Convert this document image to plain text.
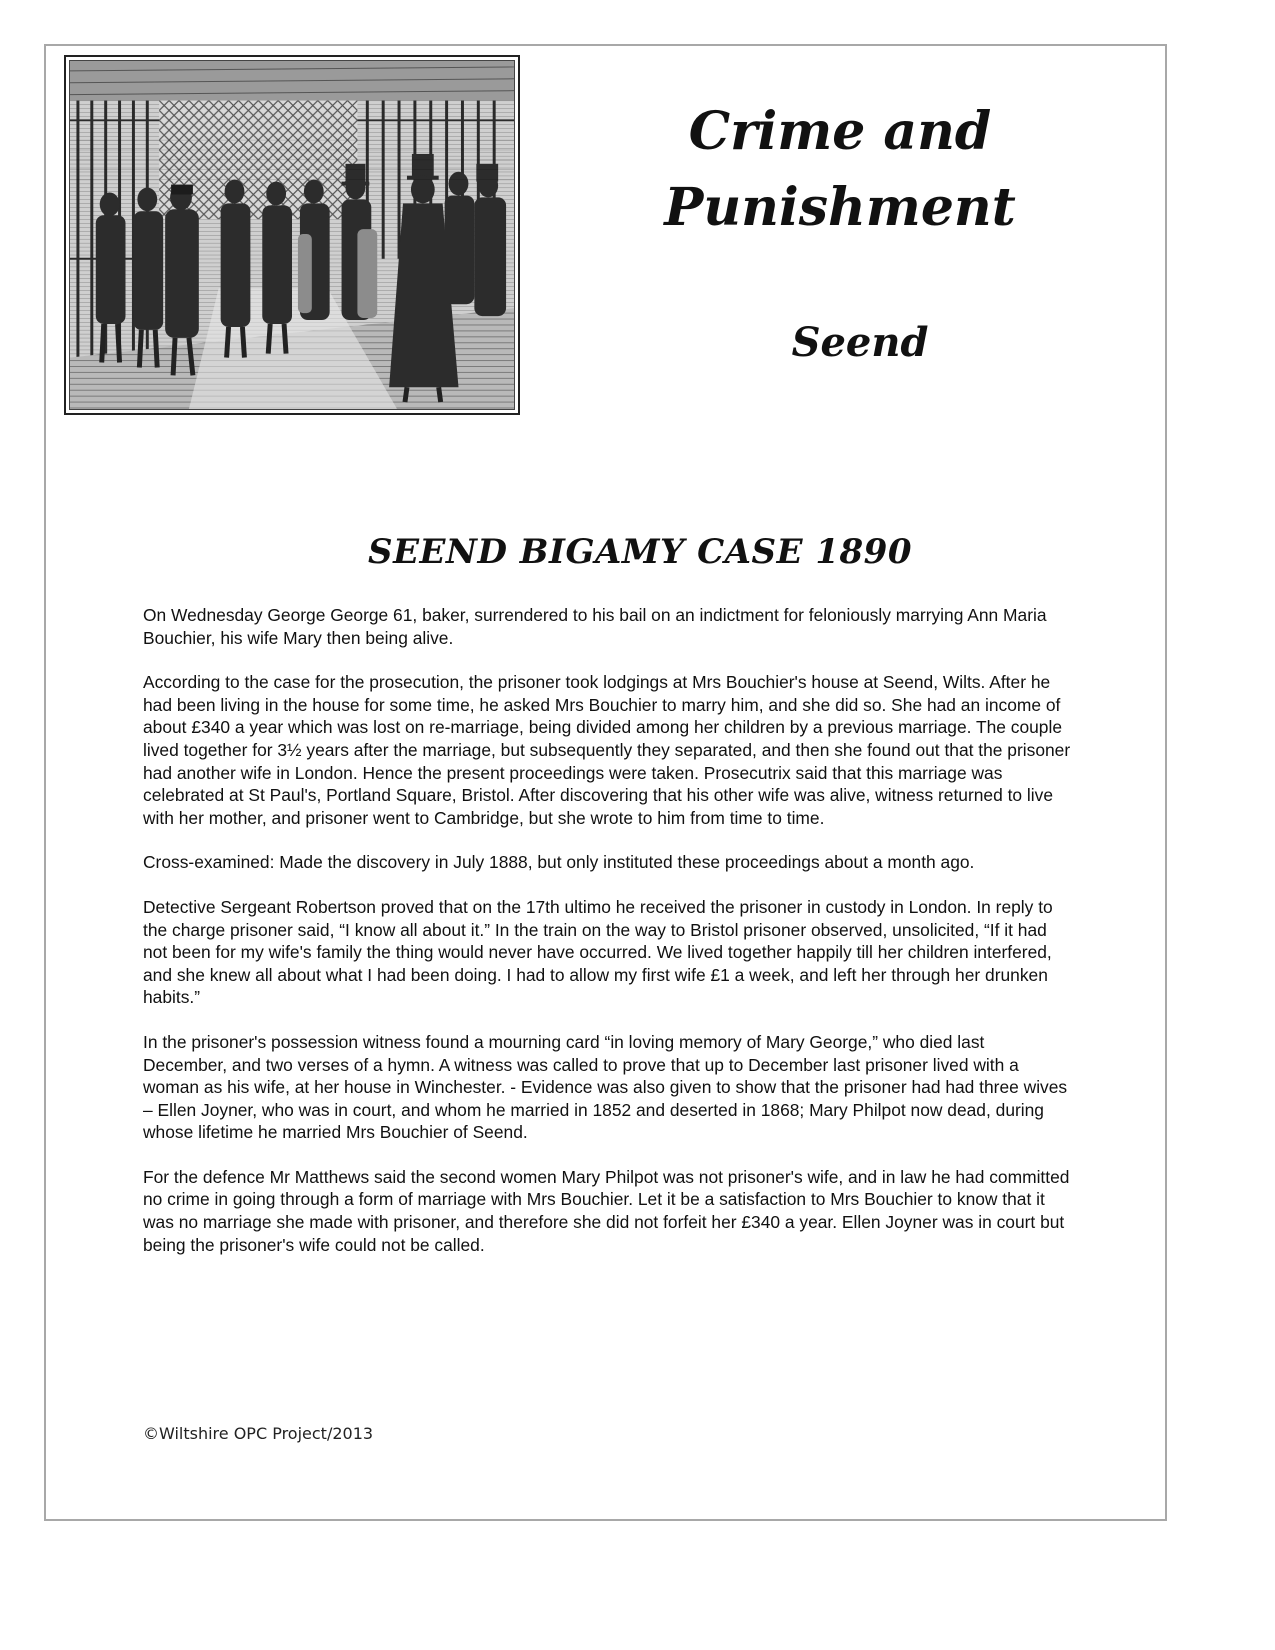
Crime and
Punishment
Seend
SEEND BIGAMY CASE 1890

On Wednesday George George 61, baker, surrendered to his bail on an indictment for feloniously marrying Ann Maria Bouchier, his wife Mary then being alive.

According to the case for the prosecution, the prisoner took lodgings at Mrs Bouchier's house at Seend, Wilts. After he had been living in the house for some time, he asked Mrs Bouchier to marry him, and she did so. She had an income of about £340 a year which was lost on re-marriage, being divided among her children by a previous marriage. The couple lived together for 3½ years after the marriage, but subsequently they separated, and then she found out that the prisoner had another wife in London. Hence the present proceedings were taken. Prosecutrix said that this marriage was celebrated at St Paul's, Portland Square, Bristol. After discovering that his other wife was alive, witness returned to live with her mother, and prisoner went to Cambridge, but she wrote to him from time to time.

Cross-examined: Made the discovery in July 1888, but only instituted these proceedings about a month ago.

Detective Sergeant Robertson proved that on the 17th ultimo he received the prisoner in custody in London. In reply to the charge prisoner said, “I know all about it.” In the train on the way to Bristol prisoner observed, unsolicited, “If it had not been for my wife's family the thing would never have occurred. We lived together happily till her children interfered, and she knew all about what I had been doing. I had to allow my first wife £1 a week, and left her through her drunken habits.”

In the prisoner's possession witness found a mourning card “in loving memory of Mary George,” who died last December, and two verses of a hymn. A witness was called to prove that up to December last prisoner lived with a woman as his wife, at her house in Winchester. - Evidence was also given to show that the prisoner had had three wives – Ellen Joyner, who was in court, and whom he married in 1852 and deserted in 1868; Mary Philpot now dead, during whose lifetime he married Mrs Bouchier of Seend.

For the defence Mr Matthews said the second women Mary Philpot was not prisoner's wife, and in law he had committed no crime in going through a form of marriage with Mrs Bouchier. Let it be a satisfaction to Mrs Bouchier to know that it was no marriage she made with prisoner, and therefore she did not forfeit her £340 a year. Ellen Joyner was in court but being the prisoner's wife could not be called.

©Wiltshire OPC Project/2013
